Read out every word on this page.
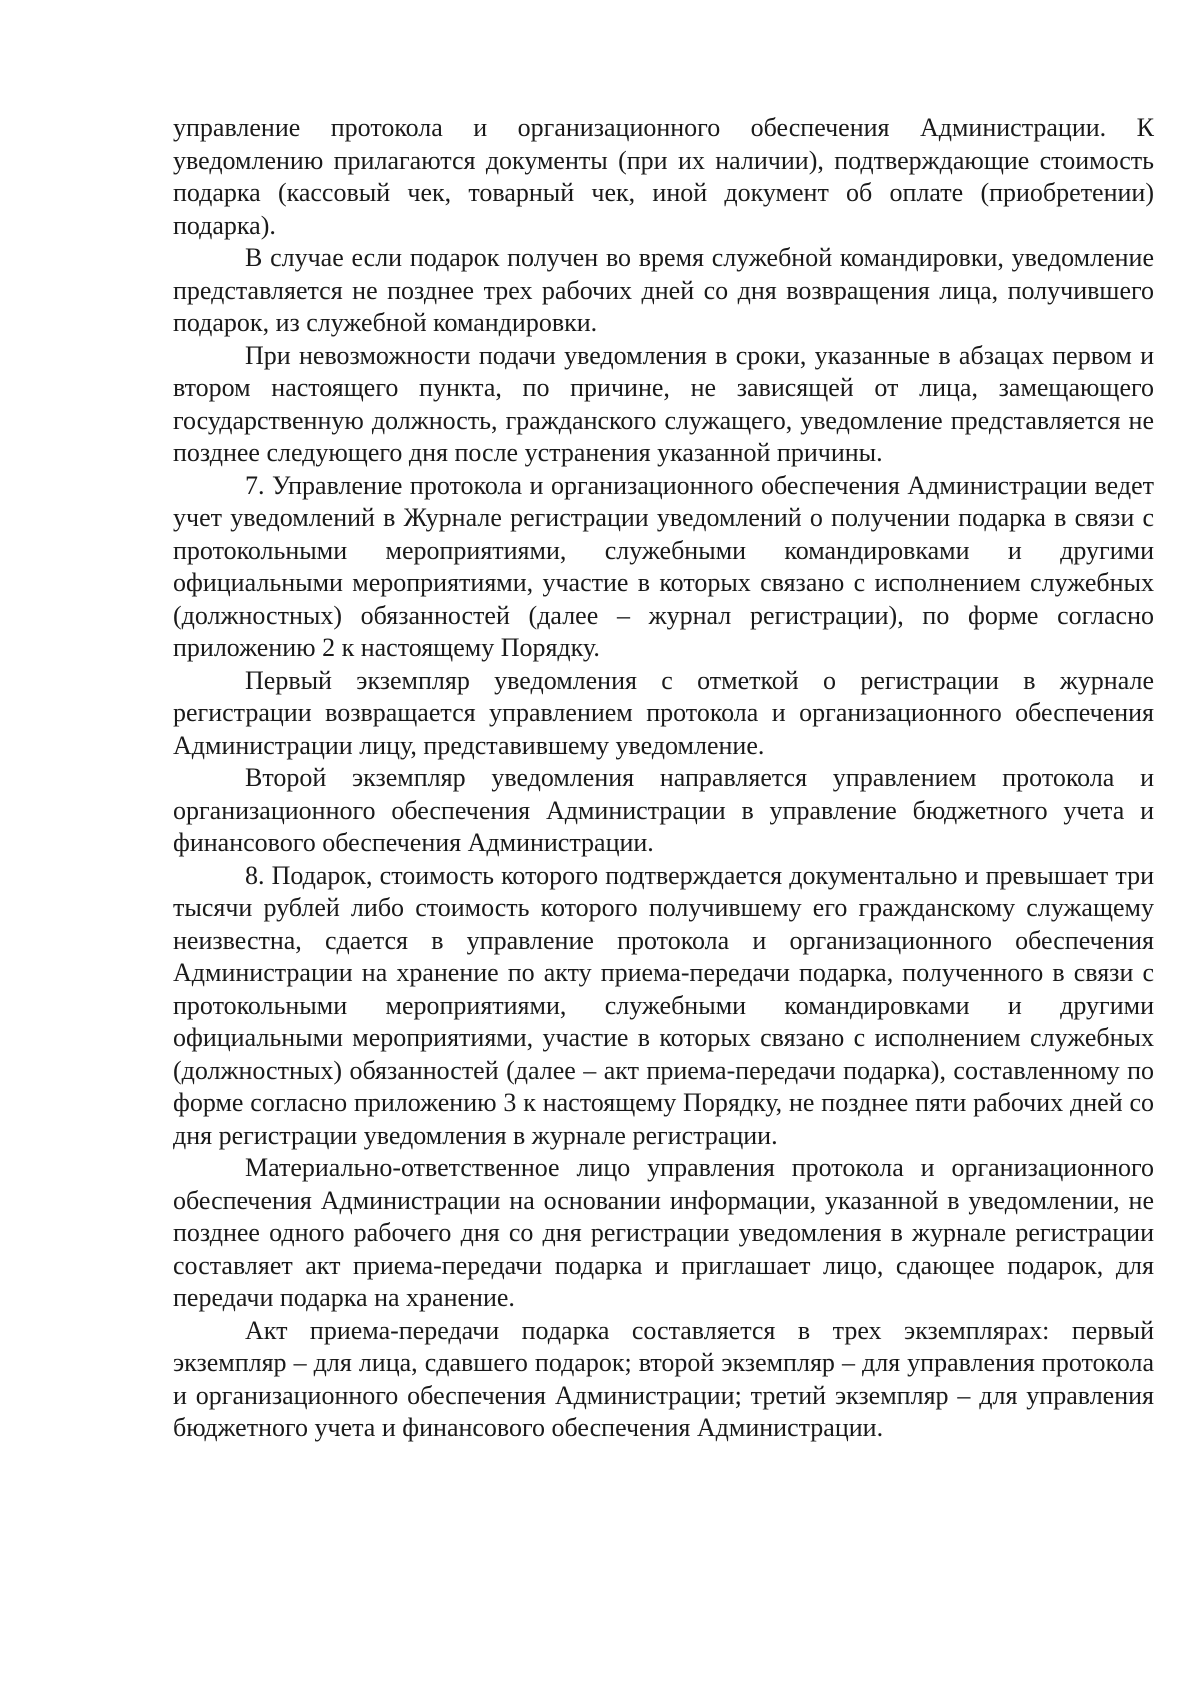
управление протокола и организационного обеспечения Администрации. К уведомлению прилагаются документы (при их наличии), подтверждающие стоимость подарка (кассовый чек, товарный чек, иной документ об оплате (приобретении) подарка).

В случае если подарок получен во время служебной командировки, уведомление представляется не позднее трех рабочих дней со дня возвращения лица, получившего подарок, из служебной командировки.

При невозможности подачи уведомления в сроки, указанные в абзацах первом и втором настоящего пункта, по причине, не зависящей от лица, замещающего государственную должность, гражданского служащего, уведомление представляется не позднее следующего дня после устранения указанной причины.

7. Управление протокола и организационного обеспечения Администрации ведет учет уведомлений в Журнале регистрации уведомлений о получении подарка в связи с протокольными мероприятиями, служебными командировками и другими официальными мероприятиями, участие в которых связано с исполнением служебных (должностных) обязанностей (далее – журнал регистрации), по форме согласно приложению 2 к настоящему Порядку.

Первый экземпляр уведомления с отметкой о регистрации в журнале регистрации возвращается управлением протокола и организационного обеспечения Администрации лицу, представившему уведомление.

Второй экземпляр уведомления направляется управлением протокола и организационного обеспечения Администрации в управление бюджетного учета и финансового обеспечения Администрации.

8. Подарок, стоимость которого подтверждается документально и превышает три тысячи рублей либо стоимость которого получившему его гражданскому служащему неизвестна, сдается в управление протокола и организационного обеспечения Администрации на хранение по акту приема-передачи подарка, полученного в связи с протокольными мероприятиями, служебными командировками и другими официальными мероприятиями, участие в которых связано с исполнением служебных (должностных) обязанностей (далее – акт приема-передачи подарка), составленному по форме согласно приложению 3 к настоящему Порядку, не позднее пяти рабочих дней со дня регистрации уведомления в журнале регистрации.

Материально-ответственное лицо управления протокола и организационного обеспечения Администрации на основании информации, указанной в уведомлении, не позднее одного рабочего дня со дня регистрации уведомления в журнале регистрации составляет акт приема-передачи подарка и приглашает лицо, сдающее подарок, для передачи подарка на хранение.

Акт приема-передачи подарка составляется в трех экземплярах: первый экземпляр – для лица, сдавшего подарок; второй экземпляр – для управления протокола и организационного обеспечения Администрации; третий экземпляр – для управления бюджетного учета и финансового обеспечения Администрации.
